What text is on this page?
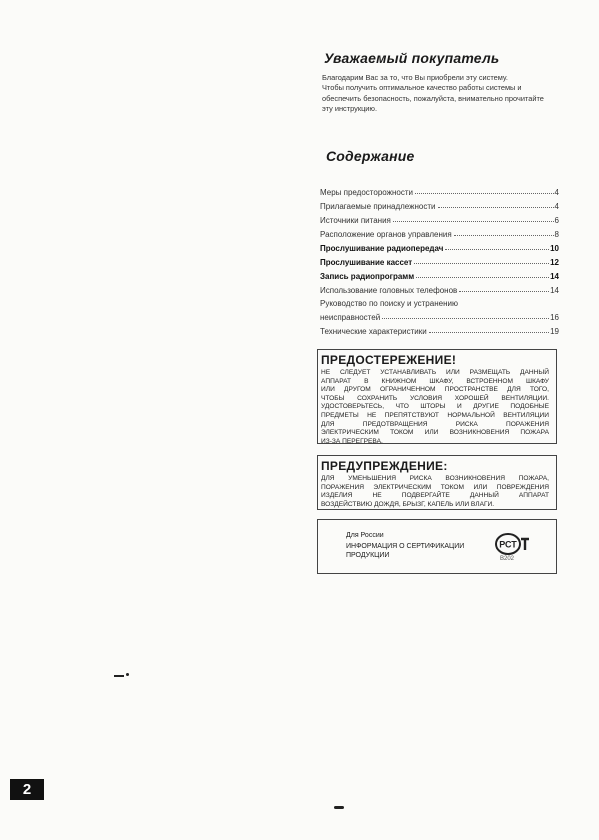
Уважаемый покупатель
Благодарим Вас за то, что Вы приобрели эту систему.
Чтобы получить оптимальное качество работы системы и
обеспечить безопасность, пожалуйста, внимательно прочитайте
эту инструкцию.
Содержание
Меры предосторожности	4
Прилагаемые принадлежности	4
Источники питания	6
Расположение органов управления	8
Прослушивание радиопередач	10
Прослушивание кассет	12
Запись радиопрограмм	14
Использование головных телефонов	14
Руководство по поиску и устранению
неисправностей	16
Технические характеристики	19
ПРЕДОСТЕРЕЖЕНИЕ!
НЕ СЛЕДУЕТ УСТАНАВЛИВАТЬ ИЛИ РАЗМЕЩАТЬ ДАННЫЙ
АППАРАТ В КНИЖНОМ ШКАФУ, ВСТРОЕННОМ ШКАФУ
ИЛИ ДРУГОМ ОГРАНИЧЕННОМ ПРОСТРАНСТВЕ ДЛЯ ТОГО,
ЧТОБЫ СОХРАНИТЬ УСЛОВИЯ ХОРОШЕЙ ВЕНТИЛЯЦИИ.
УДОСТОВЕРЬТЕСЬ, ЧТО ШТОРЫ И ДРУГИЕ ПОДОБНЫЕ
ПРЕДМЕТЫ НЕ ПРЕПЯТСТВУЮТ НОРМАЛЬНОЙ ВЕНТИЛЯЦИИ
ДЛЯ ПРЕДОТВРАЩЕНИЯ РИСКА ПОРАЖЕНИЯ
ЭЛЕКТРИЧЕСКИМ ТОКОМ ИЛИ ВОЗНИКНОВЕНИЯ ПОЖАРА
ИЗ-ЗА ПЕРЕГРЕВА.
ПРЕДУПРЕЖДЕНИЕ:
ДЛЯ УМЕНЬШЕНИЯ РИСКА ВОЗНИКНОВЕНИЯ ПОЖАРА,
ПОРАЖЕНИЯ ЭЛЕКТРИЧЕСКИМ ТОКОМ ИЛИ ПОВРЕЖДЕНИЯ
ИЗДЕЛИЯ НЕ ПОДВЕРГАЙТЕ ДАННЫЙ АППАРАТ
ВОЗДЕЙСТВИЮ ДОЖДЯ, БРЫЗГ, КАПЕЛЬ ИЛИ ВЛАГИ.
Для России
ИНФОРМАЦИЯ О СЕРТИФИКАЦИИ
ПРОДУКЦИИ
РСТ
В202
2
